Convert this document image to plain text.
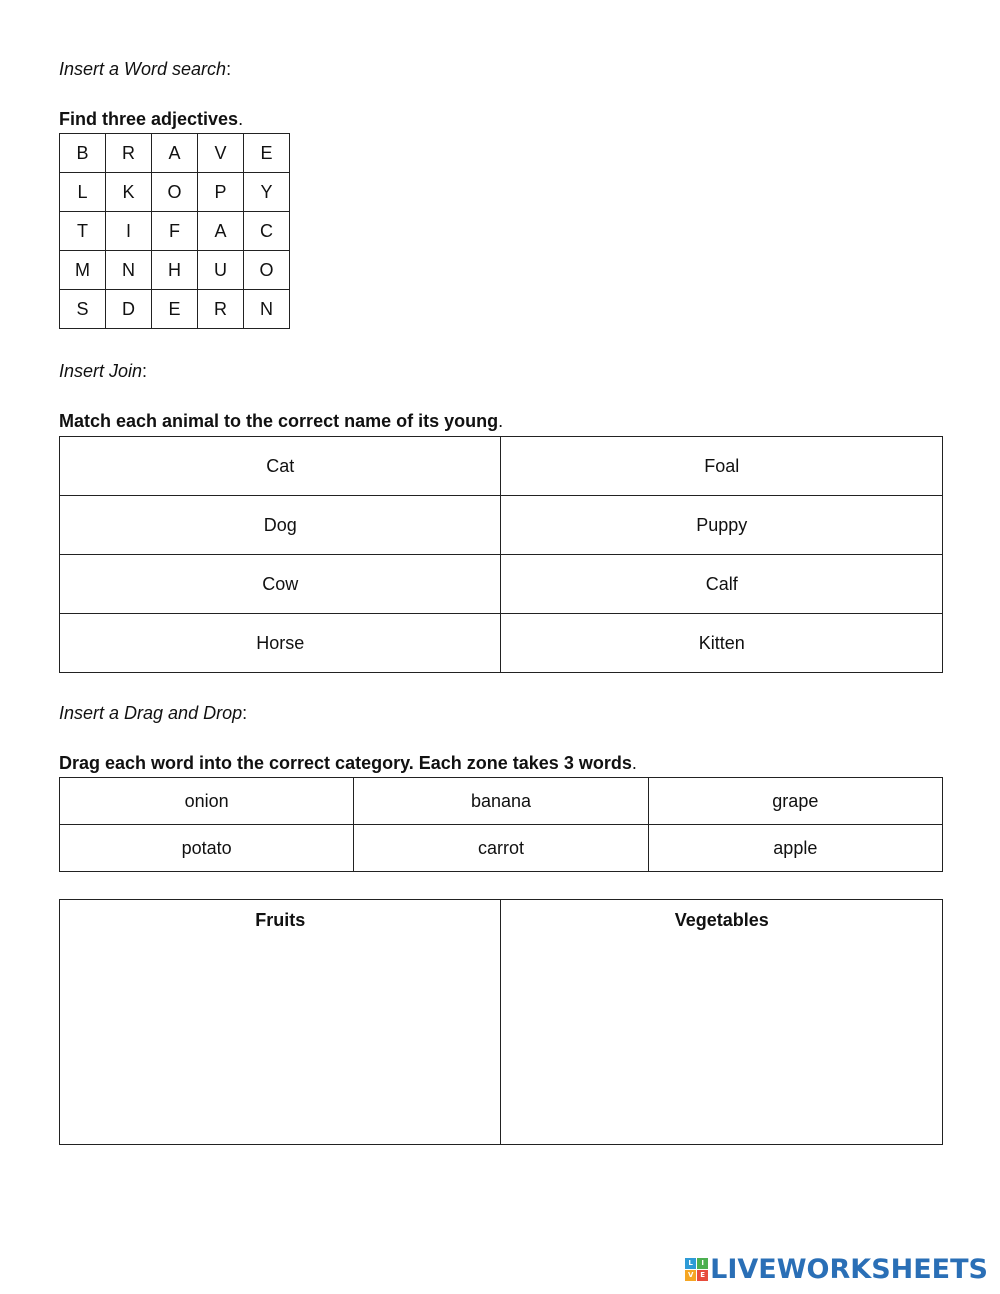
Insert a Word search:
Find three adjectives.
B	R	A	V	E
L	K	O	P	Y
T	I	F	A	C
M	N	H	U	O
S	D	E	R	N
Insert Join:
Match each animal to the correct name of its young.
Cat	Foal
Dog	Puppy
Cow	Calf
Horse	Kitten
Insert a Drag and Drop:
Drag each word into the correct category. Each zone takes 3 words.
onion	banana	grape
potato	carrot	apple
Fruits	Vegetables
L	I
V E LIVEWORKSHEETS
